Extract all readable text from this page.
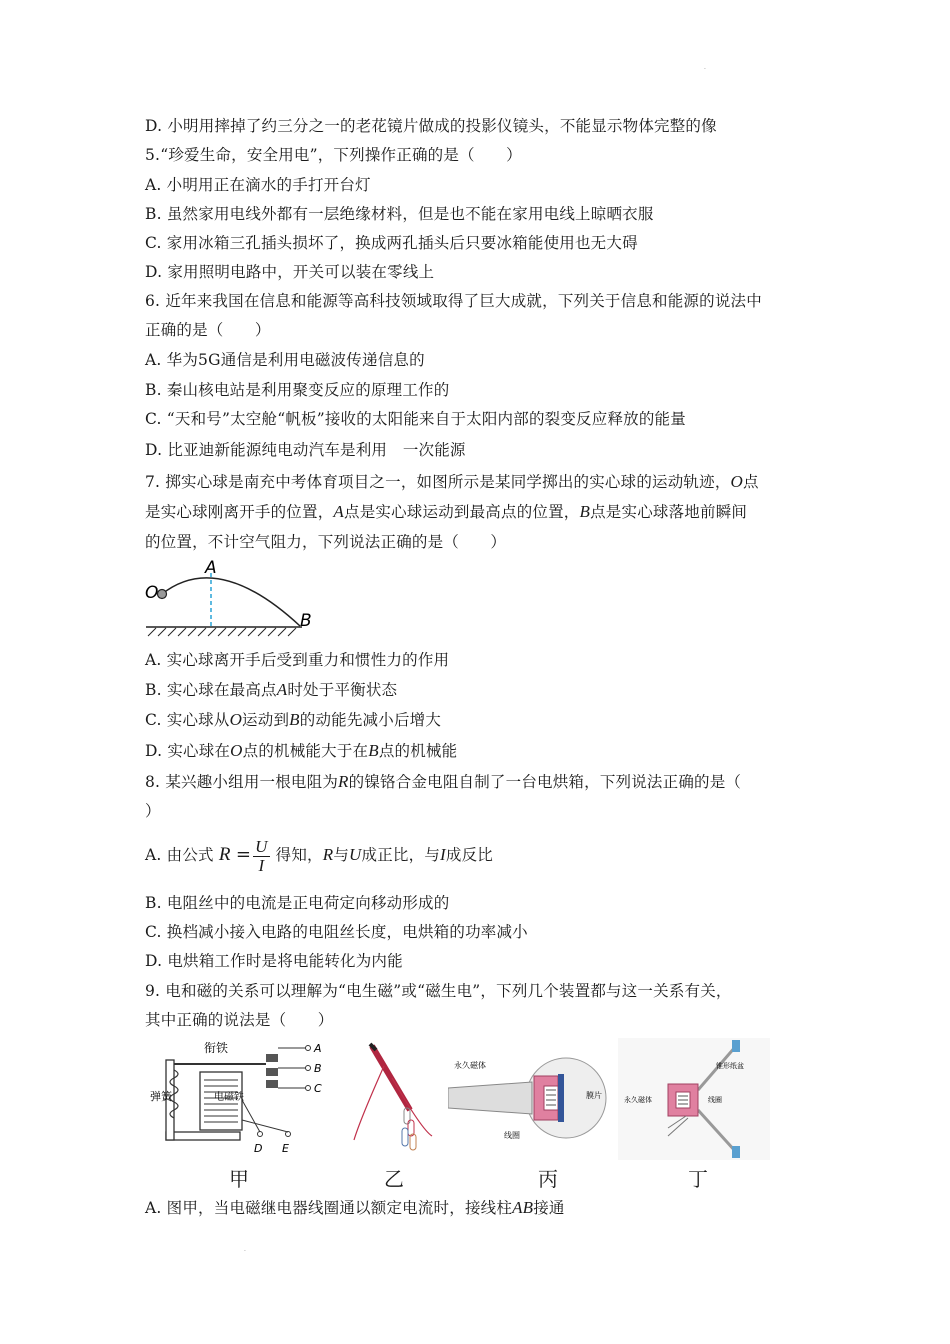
·
D. 小明用摔掉了约三分之一的老花镜片做成的投影仪镜头，不能显示物体完整的像
5.“珍爱生命，安全用电”，下列操作正确的是（　　）
A. 小明用正在滴水的手打开台灯
B. 虽然家用电线外都有一层绝缘材料，但是也不能在家用电线上晾晒衣服
C. 家用冰箱三孔插头损坏了，换成两孔插头后只要冰箱能使用也无大碍
D. 家用照明电路中，开关可以装在零线上
6. 近年来我国在信息和能源等高科技领域取得了巨大成就，下列关于信息和能源的说法中
正确的是（　　）
A. 华为5G通信是利用电磁波传递信息的
B. 秦山核电站是利用聚变反应的原理工作的
C. “天和号”太空舱“帆板”接收的太阳能来自于太阳内部的裂变反应释放的能量
D. 比亚迪新能源纯电动汽车是利用　一次能源
7. 掷实心球是南充中考体育项目之一，如图所示是某同学掷出的实心球的运动轨迹，O点
是实心球刚离开手的位置，A点是实心球运动到最高点的位置，B点是实心球落地前瞬间
的位置，不计空气阻力，下列说法正确的是（　　）
O
A
B
A. 实心球离开手后受到重力和惯性力的作用
B. 实心球在最高点A时处于平衡状态
C. 实心球从O运动到B的动能先减小后增大
D. 实心球在O点的机械能大于在B点的机械能
8. 某兴趣小组用一根电阻为R的镍铬合金电阻自制了一台电烘箱，下列说法正确的是（
）
A. 由公式 $R = \frac{U}{I}$ 得知，R与U成正比，与I成反比
B. 电阻丝中的电流是正电荷定向移动形成的
C. 换档减小接入电路的电阻丝长度，电烘箱的功率减小
D. 电烘箱工作时是将电能转化为内能
9. 电和磁的关系可以理解为“电生磁”或“磁生电”，下列几个装置都与这一关系有关，
其中正确的说法是（　　）
衔铁
弹簧	电磁铁
A
B
C
D E
永久磁体
膜片
线圈
锥形纸盆
永久磁体	线圈
甲	乙	丙	丁
A. 图甲，当电磁继电器线圈通以额定电流时，接线柱AB接通
·
